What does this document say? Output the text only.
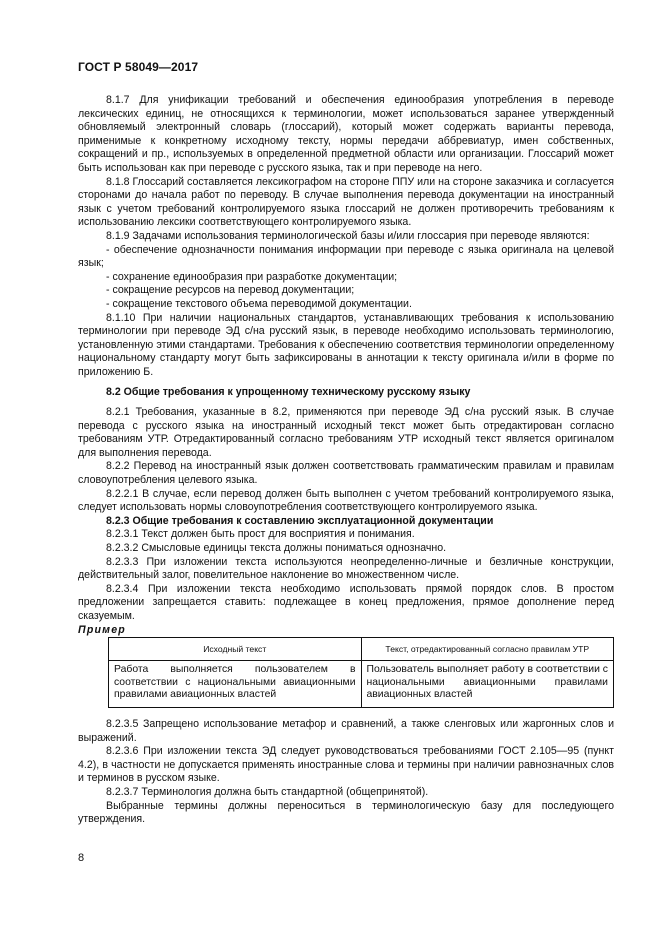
ГОСТ Р 58049—2017

8.1.7 Для унификации требований и обеспечения единообразия употребления в переводе лексических единиц, не относящихся к терминологии, может использоваться заранее утвержденный обновляемый электронный словарь (глоссарий), который может содержать варианты перевода, применимые к конкретному исходному тексту, нормы передачи аббревиатур, имен собственных, сокращений и пр., используемых в определенной предметной области или организации. Глоссарий может быть использован как при переводе с русского языка, так и при переводе на него.

8.1.8 Глоссарий составляется лексикографом на стороне ППУ или на стороне заказчика и согласуется сторонами до начала работ по переводу. В случае выполнения перевода документации на иностранный язык с учетом требований контролируемого языка глоссарий не должен противоречить требованиям к использованию лексики соответствующего контролируемого языка.

8.1.9 Задачами использования терминологической базы и/или глоссария при переводе являются:

- обеспечение однозначности понимания информации при переводе с языка оригинала на целевой язык;

- сохранение единообразия при разработке документации;

- сокращение ресурсов на перевод документации;

- сокращение текстового объема переводимой документации.

8.1.10 При наличии национальных стандартов, устанавливающих требования к использованию терминологии при переводе ЭД с/на русский язык, в переводе необходимо использовать терминологию, установленную этими стандартами. Требования к обеспечению соответствия терминологии определенному национальному стандарту могут быть зафиксированы в аннотации к тексту оригинала и/или в форме по приложению Б.

8.2 Общие требования к упрощенному техническому русскому языку

8.2.1 Требования, указанные в 8.2, применяются при переводе ЭД с/на русский язык. В случае перевода с русского языка на иностранный исходный текст может быть отредактирован согласно требованиям УТР. Отредактированный согласно требованиям УТР исходный текст является оригиналом для выполнения перевода.

8.2.2 Перевод на иностранный язык должен соответствовать грамматическим правилам и правилам словоупотребления целевого языка.

8.2.2.1 В случае, если перевод должен быть выполнен с учетом требований контролируемого языка, следует использовать нормы словоупотребления соответствующего контролируемого языка.

8.2.3 Общие требования к составлению эксплуатационной документации

8.2.3.1 Текст должен быть прост для восприятия и понимания.

8.2.3.2 Смысловые единицы текста должны пониматься однозначно.

8.2.3.3 При изложении текста используются неопределенно-личные и безличные конструкции, действительный залог, повелительное наклонение во множественном числе.

8.2.3.4 При изложении текста необходимо использовать прямой порядок слов. В простом предложении запрещается ставить: подлежащее в конец предложения, прямое дополнение перед сказуемым.

Пример

Исходный текст	Текст, отредактированный согласно правилам УТР
Работа выполняется пользователем в соответствии с национальными авиационными правилами авиационных властей	Пользователь выполняет работу в соответствии с национальными авиационными правилами авиационных властей

8.2.3.5 Запрещено использование метафор и сравнений, а также сленговых или жаргонных слов и выражений.

8.2.3.6 При изложении текста ЭД следует руководствоваться требованиями ГОСТ 2.105—95 (пункт 4.2), в частности не допускается применять иностранные слова и термины при наличии равнозначных слов и терминов в русском языке.

8.2.3.7 Терминология должна быть стандартной (общепринятой).

Выбранные термины должны переноситься в терминологическую базу для последующего утверждения.

8
